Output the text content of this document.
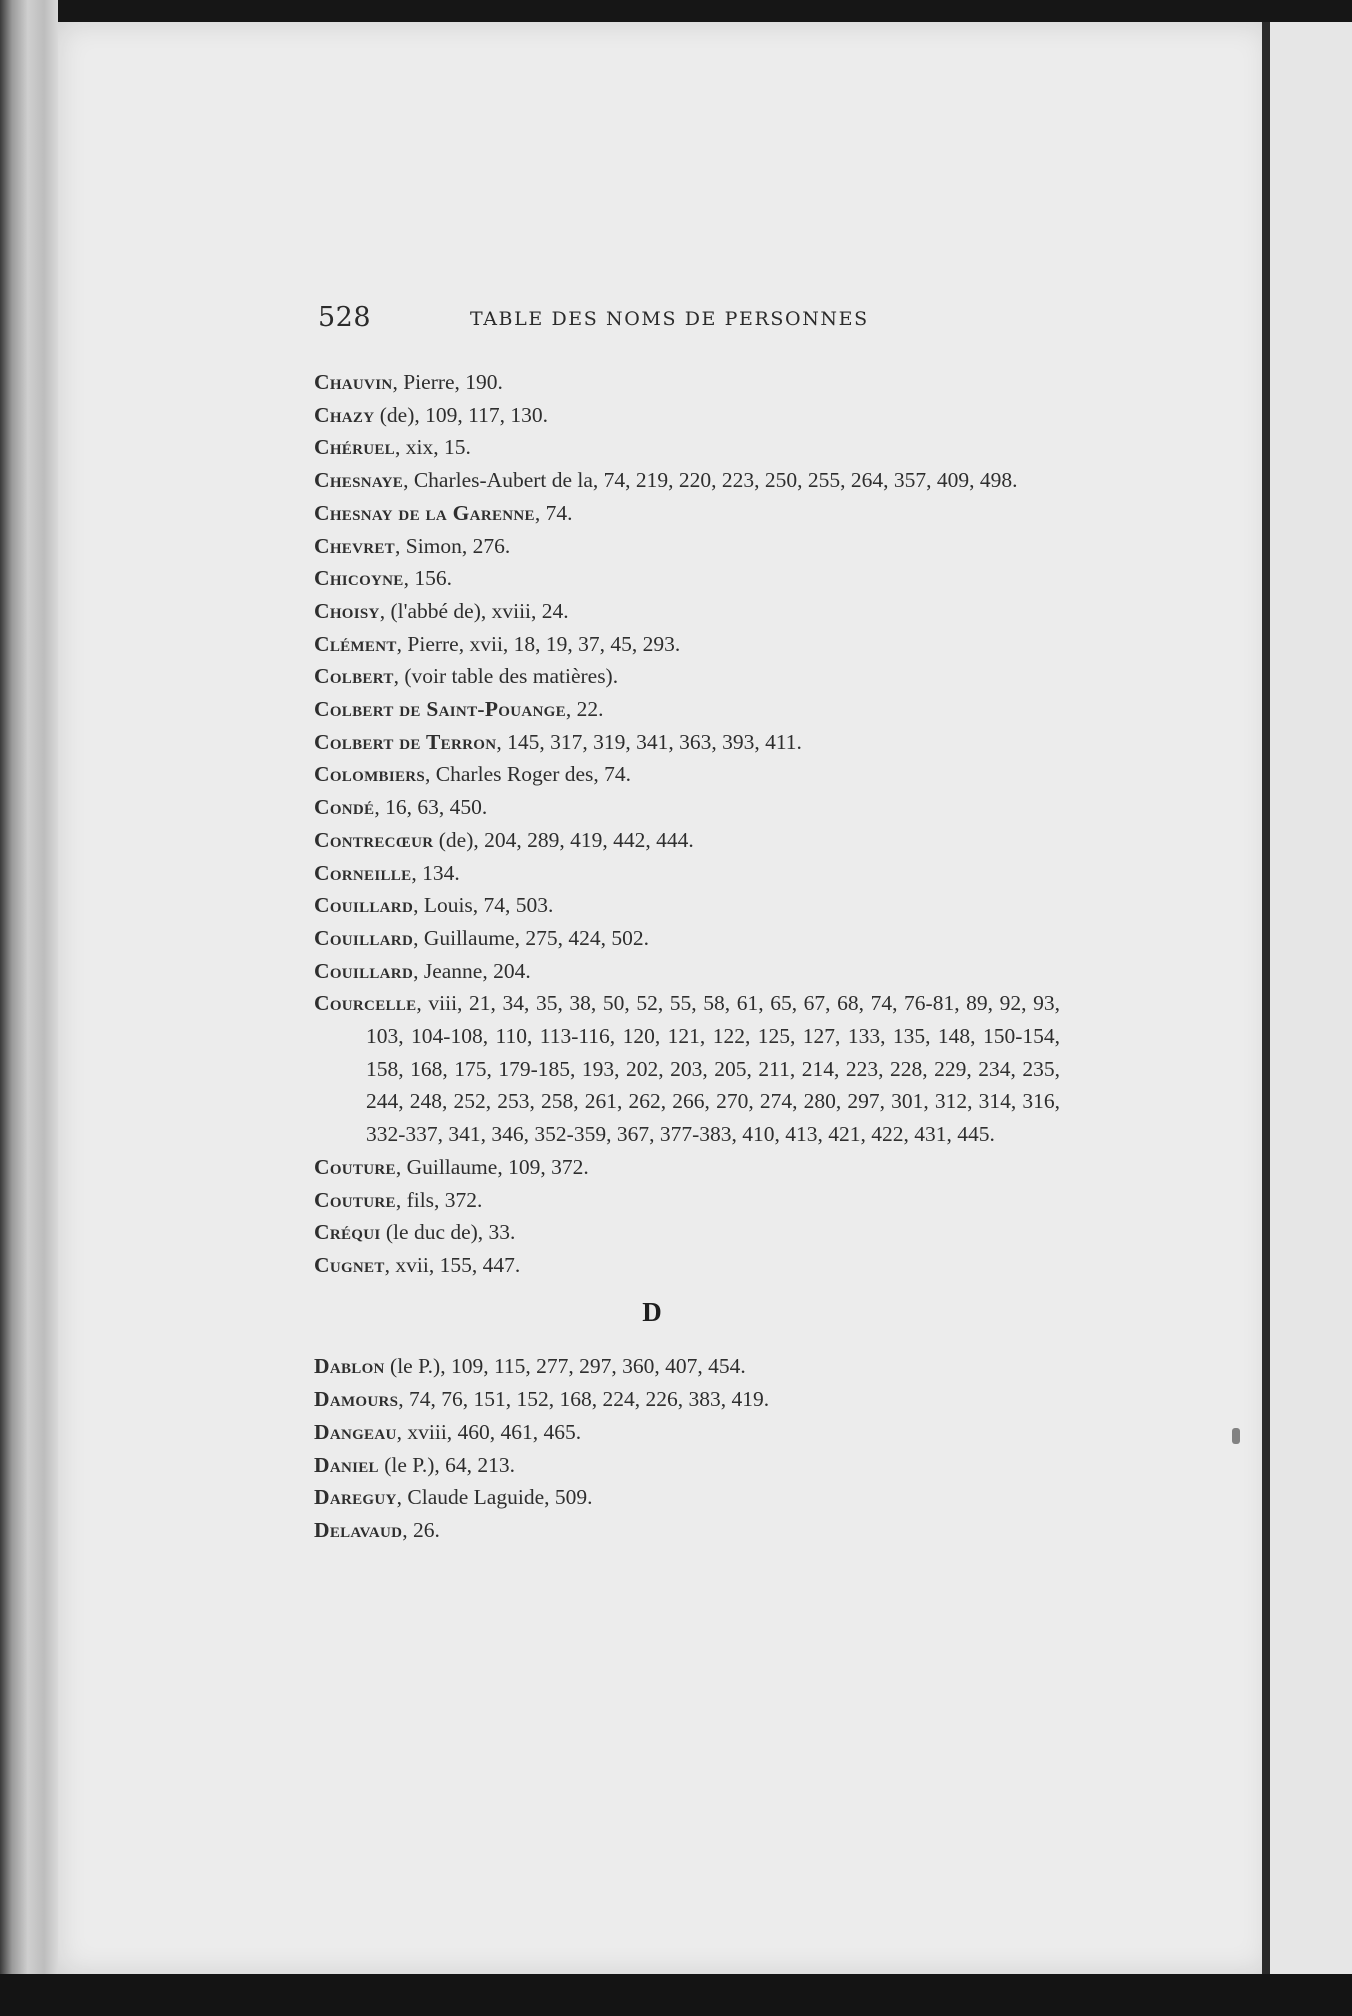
528	TABLE DES NOMS DE PERSONNES

Chauvin, Pierre, 190.

Chazy (de), 109, 117, 130.

Chéruel, xix, 15.

Chesnaye, Charles-Aubert de la, 74, 219, 220, 223, 250, 255, 264, 357, 409, 498.

Chesnay de la Garenne, 74.

Chevret, Simon, 276.

Chicoyne, 156.

Choisy, (l'abbé de), xviii, 24.

Clément, Pierre, xvii, 18, 19, 37, 45, 293.

Colbert, (voir table des matières).

Colbert de Saint-Pouange, 22.

Colbert de Terron, 145, 317, 319, 341, 363, 393, 411.

Colombiers, Charles Roger des, 74.

Condé, 16, 63, 450.

Contrecœur (de), 204, 289, 419, 442, 444.

Corneille, 134.

Couillard, Louis, 74, 503.

Couillard, Guillaume, 275, 424, 502.

Couillard, Jeanne, 204.

Courcelle, viii, 21, 34, 35, 38, 50, 52, 55, 58, 61, 65, 67, 68, 74, 76-81, 89, 92, 93, 103, 104-108, 110, 113-116, 120, 121, 122, 125, 127, 133, 135, 148, 150-154, 158, 168, 175, 179-185, 193, 202, 203, 205, 211, 214, 223, 228, 229, 234, 235, 244, 248, 252, 253, 258, 261, 262, 266, 270, 274, 280, 297, 301, 312, 314, 316, 332-337, 341, 346, 352-359, 367, 377-383, 410, 413, 421, 422, 431, 445.

Couture, Guillaume, 109, 372.

Couture, fils, 372.

Créqui (le duc de), 33.

Cugnet, xvii, 155, 447.

D

Dablon (le P.), 109, 115, 277, 297, 360, 407, 454.

Damours, 74, 76, 151, 152, 168, 224, 226, 383, 419.

Dangeau, xviii, 460, 461, 465.

Daniel (le P.), 64, 213.

Dareguy, Claude Laguide, 509.

Delavaud, 26.
